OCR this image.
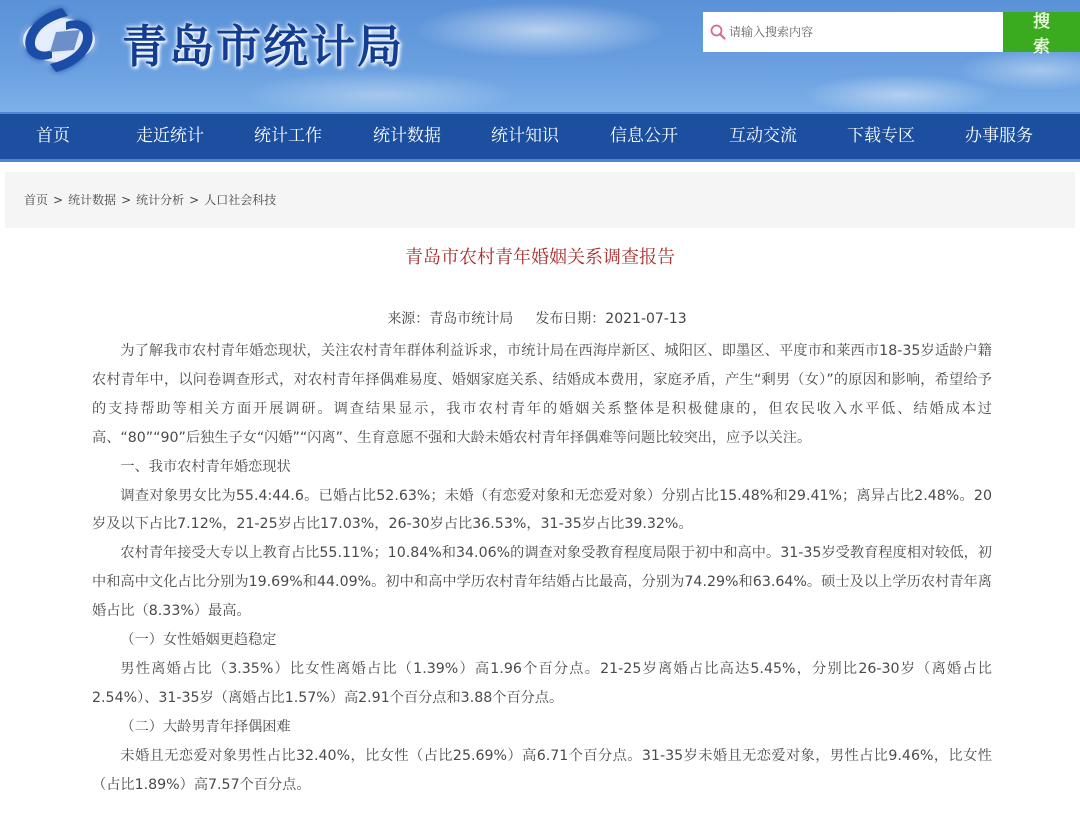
青岛市统计局
请输入搜索内容	搜 索
首页	走近统计	统计工作	统计数据	统计知识	信息公开	互动交流	下载专区	办事服务
首页 > 统计数据 > 统计分析 > 人口社会科技
青岛市农村青年婚姻关系调查报告
来源：青岛市统计局 发布日期：2021-07-13

为了解我市农村青年婚恋现状，关注农村青年群体利益诉求，市统计局在西海岸新区、城阳区、即墨区、平度市和莱西市18-35岁适龄户籍农村青年中，以问卷调查形式，对农村青年择偶难易度、婚姻家庭关系、结婚成本费用，家庭矛盾，产生“剩男（女）”的原因和影响，希望给予的支持帮助等相关方面开展调研。调查结果显示，我市农村青年的婚姻关系整体是积极健康的，但农民收入水平低、结婚成本过高、“80”“90”后独生子女“闪婚”“闪离”、生育意愿不强和大龄未婚农村青年择偶难等问题比较突出，应予以关注。

一、我市农村青年婚恋现状

调查对象男女比为55.4:44.6。已婚占比52.63%；未婚（有恋爱对象和无恋爱对象）分别占比15.48%和29.41%；离异占比2.48%。20岁及以下占比7.12%，21-25岁占比17.03%，26-30岁占比36.53%，31-35岁占比39.32%。

农村青年接受大专以上教育占比55.11%；10.84%和34.06%的调查对象受教育程度局限于初中和高中。31-35岁受教育程度相对较低，初中和高中文化占比分别为19.69%和44.09%。初中和高中学历农村青年结婚占比最高，分别为74.29%和63.64%。硕士及以上学历农村青年离婚占比（8.33%）最高。

（一）女性婚姻更趋稳定

男性离婚占比（3.35%）比女性离婚占比（1.39%）高1.96个百分点。21-25岁离婚占比高达5.45%，分别比26-30岁（离婚占比2.54%）、31-35岁（离婚占比1.57%）高2.91个百分点和3.88个百分点。

（二）大龄男青年择偶困难

未婚且无恋爱对象男性占比32.40%，比女性（占比25.69%）高6.71个百分点。31-35岁未婚且无恋爱对象，男性占比9.46%，比女性（占比1.89%）高7.57个百分点。
